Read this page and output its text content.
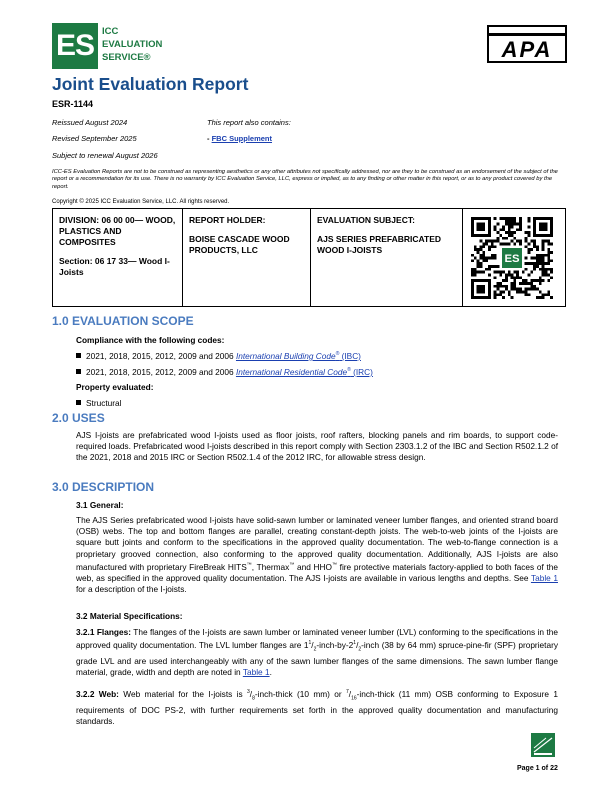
ES ICC
EVALUATION
SERVICE®	APA
Joint Evaluation Report
ESR-1144
Reissued August 2024
Revised September 2025
Subject to renewal August 2026
This report also contains:
- FBC Supplement
ICC-ES Evaluation Reports are not to be construed as representing aesthetics or any other attributes not specifically addressed, nor are they to be construed as an endorsement of the subject of the report or a recommendation for its use. There is no warranty by ICC Evaluation Service, LLC, express or implied, as to any finding or other matter in this report, or as to any product covered by the report.
Copyright © 2025 ICC Evaluation Service, LLC. All rights reserved.

DIVISION: 06 00 00— WOOD, PLASTICS AND COMPOSITES

Section: 06 17 33— Wood I-Joists

REPORT HOLDER:

BOISE CASCADE WOOD PRODUCTS, LLC

EVALUATION SUBJECT:

AJS SERIES PREFABRICATED WOOD I-JOISTS

ES
1.0 EVALUATION SCOPE
Compliance with the following codes:
2021, 2018, 2015, 2012, 2009 and 2006 International Building Code® (IBC)
2021, 2018, 2015, 2012, 2009 and 2006 International Residential Code® (IRC)
Property evaluated:
Structural
2.0 USES
AJS I-joists are prefabricated wood I-joists used as floor joists, roof rafters, blocking panels and rim boards, to support code-required loads. Prefabricated wood I-joists described in this report comply with Section 2303.1.2 of the IBC and Section R502.1.2 of the 2021, 2018 and 2015 IRC or Section R502.1.4 of the 2012 IRC, for allowable stress design.
3.0 DESCRIPTION
3.1 General:
The AJS Series prefabricated wood I-joists have solid-sawn lumber or laminated veneer lumber flanges, and oriented strand board (OSB) webs. The top and bottom flanges are parallel, creating constant-depth joists. The web-to-web joints of the I-joists are square butt joints and conform to the specifications in the approved quality documentation. The web-to-flange connection is a proprietary grooved connection, also conforming to the approved quality documentation. Additionally, AJS I-joists are also manufactured with proprietary FireBreak HITS™, Thermax™ and HHO™ fire protective materials factory-applied to both faces of the web, as specified in the approved quality documentation. The AJS I-joists are available in various lengths and depths. See Table 1 for a description of the I-joists.
3.2 Material Specifications:
3.2.1 Flanges: The flanges of the I-joists are sawn lumber or laminated veneer lumber (LVL) conforming to the specifications in the approved quality documentation. The LVL lumber flanges are $1^1/_2-inch-by-2^1/_2$-inch (38 by 64 mm) spruce-pine-fir (SPF) proprietary grade LVL and are used interchangeably with any of the sawn lumber flanges of the same dimensions. The sawn lumber flange material, grade, width and depth are noted in Table 1.
3.2.2 Web: Web material for the I-joists is $^3/_8-inch$-thick (10 mm) or $^7/_{16}-inch$-thick (11 mm) OSB conforming to Exposure 1 requirements of DOC PS-2, with further requirements set forth in the approved quality documentation and manufacturing standards.
Page 1 of 22
